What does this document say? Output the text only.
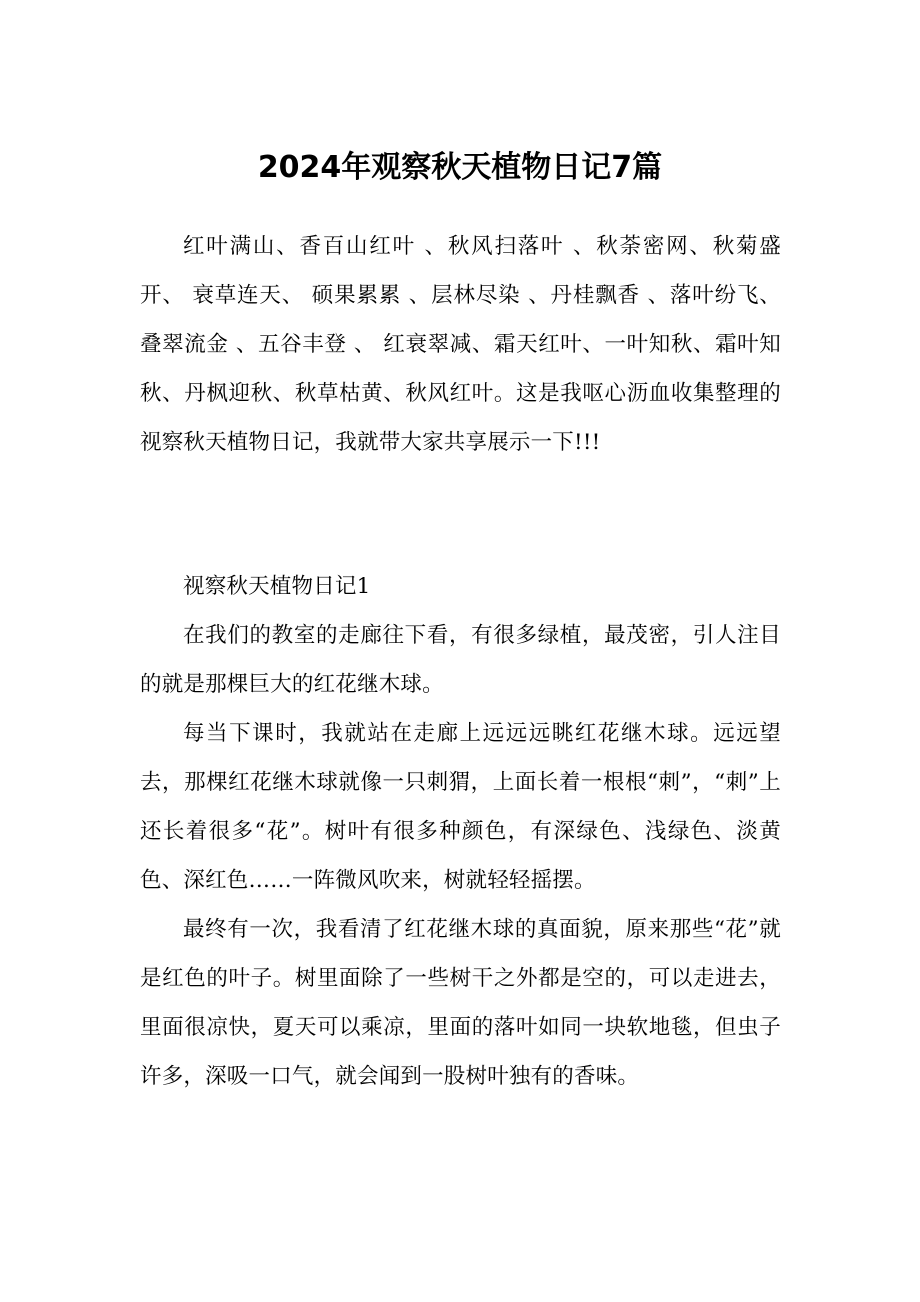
2024年观察秋天植物日记7篇

红叶满山、香百山红叶 、秋风扫落叶 、秋荼密网、秋菊盛开、 衰草连天、 硕果累累 、层林尽染 、丹桂飘香 、落叶纷飞、叠翠流金 、五谷丰登 、 红衰翠减、霜天红叶、一叶知秋、霜叶知秋、丹枫迎秋、秋草枯黄、秋风红叶。这是我呕心沥血收集整理的视察秋天植物日记，我就带大家共享展示一下!!!

视察秋天植物日记1

在我们的教室的走廊往下看，有很多绿植，最茂密，引人注目的就是那棵巨大的红花继木球。

每当下课时，我就站在走廊上远远远眺红花继木球。远远望去，那棵红花继木球就像一只刺猬，上面长着一根根“刺”，“刺”上还长着很多“花”。树叶有很多种颜色，有深绿色、浅绿色、淡黄色、深红色……一阵微风吹来，树就轻轻摇摆。

最终有一次，我看清了红花继木球的真面貌，原来那些“花”就是红色的叶子。树里面除了一些树干之外都是空的，可以走进去，里面很凉快，夏天可以乘凉，里面的落叶如同一块软地毯，但虫子许多，深吸一口气，就会闻到一股树叶独有的香味。
